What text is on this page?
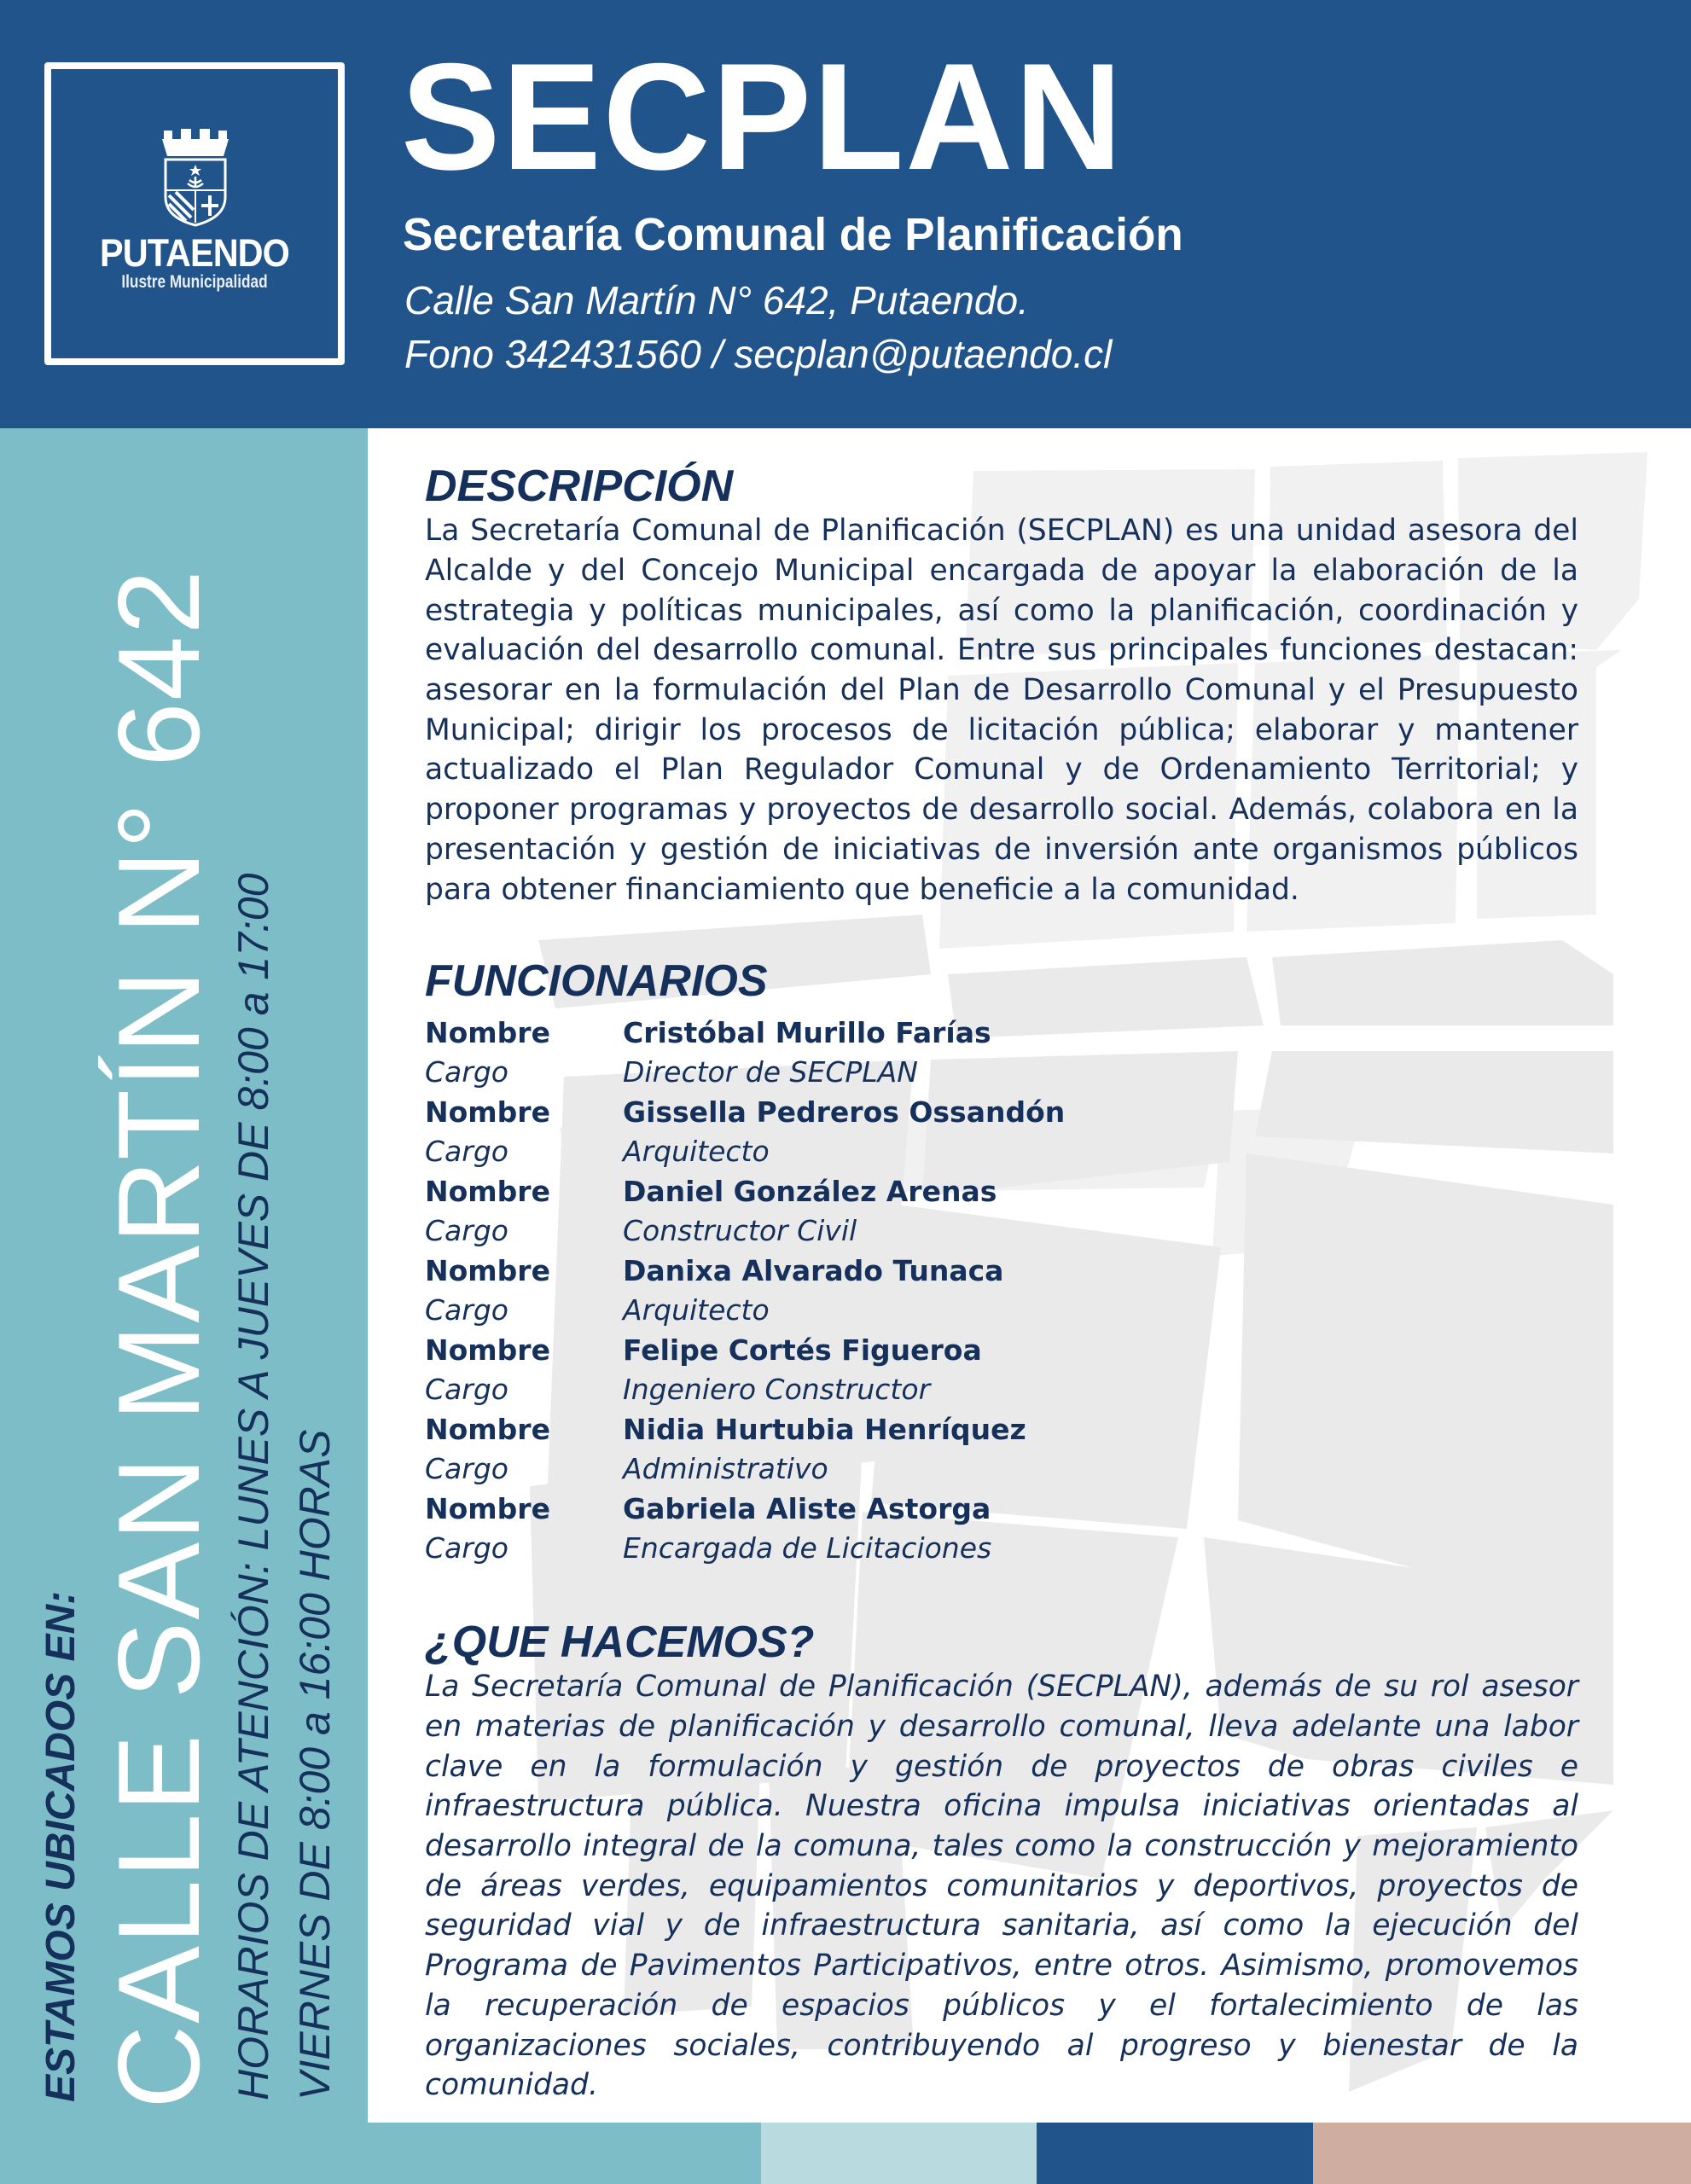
PUTAENDO
Ilustre Municipalidad
SECPLAN
Secretaría Comunal de Planificación
Calle San Martín N° 642, Putaendo.
Fono 342431560 / secplan@putaendo.cl
ESTAMOS UBICADOS EN: CALLE SAN MARTÍN N° 642 HORARIOS DE ATENCIÓN: LUNES A JUEVES DE 8:00 a 17:00 VIERNES DE 8:00 a 16:00 HORAS
DESCRIPCIÓN

La Secretaría Comunal de Planificación (SECPLAN) es una unidad asesora del Alcalde y del Concejo Municipal encargada de apoyar la elaboración de la estrategia y políticas municipales, así como la planificación, coordinación y evaluación del desarrollo comunal. Entre sus principales funciones destacan: asesorar en la formulación del Plan de Desarrollo Comunal y el Presupuesto Municipal; dirigir los procesos de licitación pública; elaborar y mantener actualizado el Plan Regulador Comunal y de Ordenamiento Territorial; y proponer programas y proyectos de desarrollo social. Además, colabora en la presentación y gestión de iniciativas de inversión ante organismos públicos para obtener financiamiento que beneficie a la comunidad.

FUNCIONARIOS
Nombre	Cristóbal Murillo Farías
Cargo	Director de SECPLAN
Nombre	Gissella Pedreros Ossandón
Cargo	Arquitecto
Nombre	Daniel González Arenas
Cargo	Constructor Civil
Nombre	Danixa Alvarado Tunaca
Cargo	Arquitecto
Nombre	Felipe Cortés Figueroa
Cargo	Ingeniero Constructor
Nombre	Nidia Hurtubia Henríquez
Cargo	Administrativo
Nombre	Gabriela Aliste Astorga
Cargo	Encargada de Licitaciones
¿QUE HACEMOS?

La Secretaría Comunal de Planificación (SECPLAN), además de su rol asesor en materias de planificación y desarrollo comunal, lleva adelante una labor clave en la formulación y gestión de proyectos de obras civiles e infraestructura pública. Nuestra oficina impulsa iniciativas orientadas al desarrollo integral de la comuna, tales como la construcción y mejoramiento de áreas verdes, equipamientos comunitarios y deportivos, proyectos de seguridad vial y de infraestructura sanitaria, así como la ejecución del Programa de Pavimentos Participativos, entre otros. Asimismo, promovemos la recuperación de espacios públicos y el fortalecimiento de las organizaciones sociales, contribuyendo al progreso y bienestar de la comunidad.
